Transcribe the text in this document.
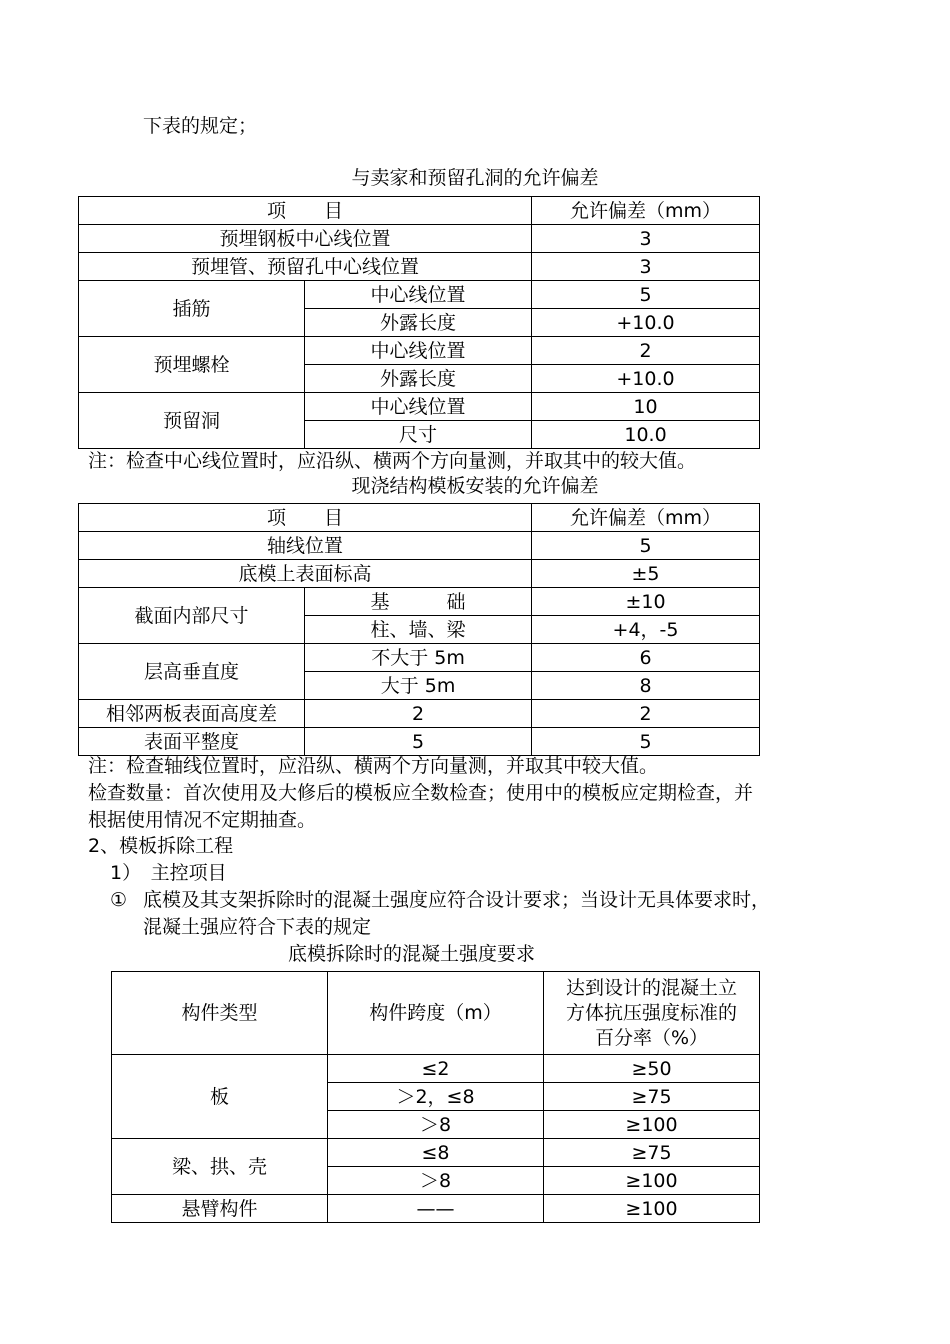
下表的规定；
与卖家和预留孔洞的允许偏差
项　　目		允许偏差（mm）
预埋钢板中心线位置		3
预埋管、预留孔中心线位置		3
插筋	中心线位置	5
	外露长度	+10.0
预埋螺栓	中心线位置	2
	外露长度	+10.0
预留洞	中心线位置	10
	尺寸	10.0
注：检查中心线位置时，应沿纵、横两个方向量测，并取其中的较大值。
现浇结构模板安装的允许偏差
项　　目		允许偏差（mm）
轴线位置		5
底模上表面标高		±5
截面内部尺寸	基　　　础	±10
	柱、墙、梁	+4，-5
层高垂直度	不大于 5m	6
	大于 5m	8
相邻两板表面高度差	2	2
表面平整度	5	5
注：检查轴线位置时，应沿纵、横两个方向量测，并取其中较大值。
检查数量：首次使用及大修后的模板应全数检查；使用中的模板应定期检查，并
根据使用情况不定期抽查。
2、模板拆除工程
1）　主控项目
① 底模及其支架拆除时的混凝土强度应符合设计要求；当设计无具体要求时，
混凝土强应符合下表的规定
底模拆除时的混凝土强度要求
构件类型	构件跨度（m）	达到设计的混凝土立方体抗压强度标准的百分率（%）
板	≤2	≥50
	＞2，≤8	≥75
	＞8	≥100
梁、拱、壳	≤8	≥75
	＞8	≥100
悬臂构件	——	≥100
